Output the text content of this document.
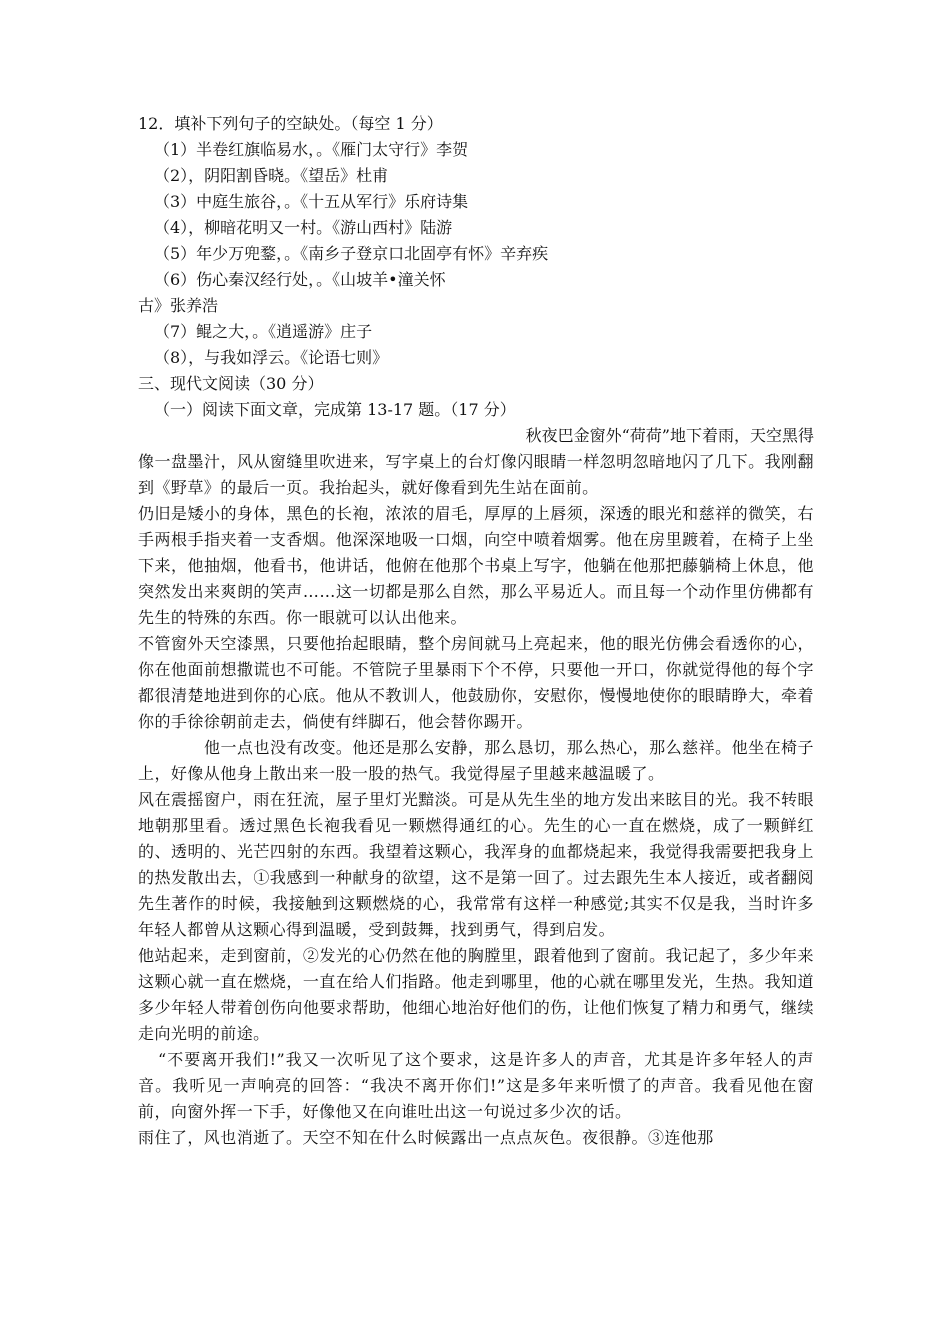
12．填补下列句子的空缺处。（每空 1 分）
（1）半卷红旗临易水，。《雁门太守行》李贺
（2），阴阳割昏晓。《望岳》杜甫
（3）中庭生旅谷，。《十五从军行》乐府诗集
（4），柳暗花明又一村。《游山西村》陆游
（5）年少万兜鍪，。《南乡子登京口北固亭有怀》辛弃疾
（6）伤心秦汉经行处，。《山坡羊•潼关怀
古》张养浩
（7）鲲之大，。《逍遥游》庄子
（8），与我如浮云。《论语七则》
三、现代文阅读（30 分）
（一）阅读下面文章，完成第 13-17 题。（17 分）
秋夜巴金窗外“荷荷”地下着雨，天空黑得
像一盘墨汁，风从窗缝里吹进来，写字桌上的台灯像闪眼睛一样忽明忽暗地闪了几下。我刚翻到《野草》的最后一页。我抬起头，就好像看到先生站在面前。
仍旧是矮小的身体，黑色的长袍，浓浓的眉毛，厚厚的上唇须，深透的眼光和慈祥的微笑，右手两根手指夹着一支香烟。他深深地吸一口烟，向空中喷着烟雾。他在房里踱着，在椅子上坐下来，他抽烟，他看书，他讲话，他俯在他那个书桌上写字，他躺在他那把藤躺椅上休息，他突然发出来爽朗的笑声……这一切都是那么自然，那么平易近人。而且每一个动作里仿佛都有先生的特殊的东西。你一眼就可以认出他来。
不管窗外天空漆黑，只要他抬起眼睛，整个房间就马上亮起来，他的眼光仿佛会看透你的心，你在他面前想撒谎也不可能。不管院子里暴雨下个不停，只要他一开口，你就觉得他的每个字都很清楚地进到你的心底。他从不教训人，他鼓励你，安慰你，慢慢地使你的眼睛睁大，牵着你的手徐徐朝前走去，倘使有绊脚石，他会替你踢开。
他一点也没有改变。他还是那么安静，那么恳切，那么热心，那么慈祥。他坐在椅子上，好像从他身上散出来一股一股的热气。我觉得屋子里越来越温暖了。
风在震摇窗户，雨在狂流，屋子里灯光黯淡。可是从先生坐的地方发出来眩目的光。我不转眼地朝那里看。透过黑色长袍我看见一颗燃得通红的心。先生的心一直在燃烧，成了一颗鲜红的、透明的、光芒四射的东西。我望着这颗心，我浑身的血都烧起来，我觉得我需要把我身上的热发散出去，①我感到一种献身的欲望，这不是第一回了。过去跟先生本人接近，或者翻阅先生著作的时候，我接触到这颗燃烧的心，我常常有这样一种感觉;其实不仅是我，当时许多年轻人都曾从这颗心得到温暖，受到鼓舞，找到勇气，得到启发。
他站起来，走到窗前，②发光的心仍然在他的胸膛里，跟着他到了窗前。我记起了，多少年来这颗心就一直在燃烧，一直在给人们指路。他走到哪里，他的心就在哪里发光，生热。我知道多少年轻人带着创伤向他要求帮助，他细心地治好他们的伤，让他们恢复了精力和勇气，继续走向光明的前途。
“不要离开我们!”我又一次听见了这个要求，这是许多人的声音，尤其是许多年轻人的声音。我听见一声响亮的回答：“我决不离开你们!”这是多年来听惯了的声音。我看见他在窗前，向窗外挥一下手，好像他又在向谁吐出这一句说过多少次的话。
雨住了，风也消逝了。天空不知在什么时候露出一点点灰色。夜很静。③连他那
